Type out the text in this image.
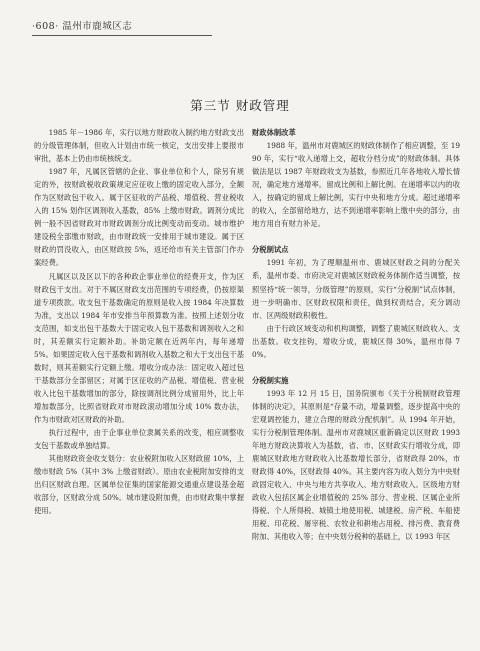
·608· 温州市鹿城区志
第三节 财政管理

1985 年－1986 年，实行以地方财政收入制约地方财政支出的分级管理体制，但收入计划由市统一核定，支出安排上要报市审批，基本上仍由市统核统支。

1987 年，凡属区管辖的企业、事业单位和个人，除另有规定的外，按财政税收政策规定应征收上缴的固定收入部分，全额作为区财政包干收入。属于区征收的产品税、增值税、营业税收入的 15% 划作区调剂收入基数，85% 上缴市财政。调剂分成比例一般不因省财政对市财政调剂分成比例变动而变动。城市维护建设税全部缴市财政，由市财政统一安排用于城市建设。属于区财政的罚没收入，由区财政按 5%，返还给市有关主管部门作办案经费。

凡属区以及区以下的各种政企事业单位的经费开支，作为区财政包干支出。对于不属区财政支出范围的专项经费，仍按原渠道专项拨款。收支包干基数确定的原则是收入按 1984 年决算数为准，支出以 1984 年市安排当年预算数为准。按照上述划分收支范围，如支出包干基数大于固定收入包干基数和调剂收入之和时，其差额实行定额补助。补助定额在近两年内，每年递增 5%。如果固定收入包干基数和调剂收入基数之和大于支出包干基数时，则其差额实行定额上缴。增收分成办法：固定收入超过包干基数部分全部留区；对属于区征收的产品税、增值税、营业税收入比包干基数增加的部分，除按调剂比例分成留用外，比上年增加数部分，比照省财政对市财政滚动增加分成 10% 数办法，作为市财政对区财政的补助。

执行过程中，由于企事业单位隶属关系的改变，相应调整收支包干基数或单独结算。

其他财政资金收支划分：农业税附加收入区财政留 10%，上缴市财政 5%（其中 3% 上缴省财政）。原由农业税附加安排的支出归区财政自理。区属单位征集的国家能源交通重点建设基金超收部分，区财政分成 50%。城市建设附加费，由市财政集中掌握使用。

财政体制改革

1988 年，温州市对鹿城区的财政体制作了相应调整，至 1990 年，实行“收入递增上交，超收分档分成”的财政体制。具体做法是以 1987 年财政收支为基数，参照近几年各地收入增长情况，确定地方递增率。留成比例和上解比例。在递增率以内的收入，按确定的留成上解比例，实行中央和地方分成。超过递增率的收入，全部留给地方，达不到递增率影响上缴中央的部分，由地方用自有财力补足。

分税制试点

1991 年初，为了理顺温州市、鹿城区财政之间的分配关系，温州市委、市府决定对鹿城区财政税务体制作适当调整，按照坚持“统一领导，分级管理”的原则，实行“分税制”试点体制，进一步明确市、区财政权限和责任，做到权责结合，充分调动市、区两级财政积极性。

由于行政区域变动和机构调整，调整了鹿城区财政收入、支出基数。收支挂钩，增收分成，鹿城区得 30%，温州市得 70%。

分税制实施

1993 年 12 月 15 日，国务院颁布《关于分税制财政管理体制的决定》，其原则是“存量不动，增量调整，逐步提高中央的宏观调控能力，建立合理的财政分配机制”。从 1994 年开始，实行分税制管理体制。温州市对鹿城区重新确定以区财政 1993 年地方财政决算收入为基数，省、市、区财政实行增收分成，即鹿城区财政地方财政收入比基数增长部分，省财政得 20%，市财政得 40%，区财政得 40%。其主要内容为收入划分为中央财政固定收入、中央与地方共享收入、地方财政收入。区级地方财政收入包括区属企业增值税的 25% 部分、营业税、区属企业所得税、个人所得税、城镇土地使用税、城建税、房产税、车船使用税、印花税、屠宰税、农牧业和耕地占用税、排污费、教育费附加、其他收入等；在中央划分税种的基础上，以 1993 年区
